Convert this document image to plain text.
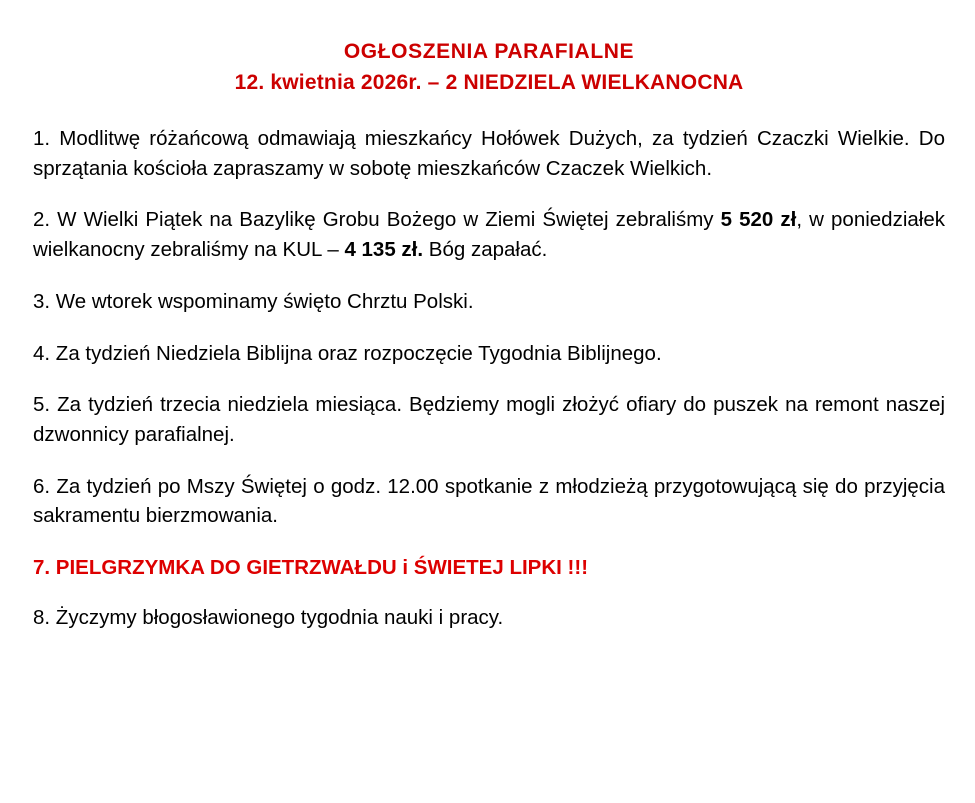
OGŁOSZENIA PARAFIALNE
12. kwietnia 2026r. – 2 NIEDZIELA WIELKANOCNA

1. Modlitwę różańcową odmawiają mieszkańcy Hołówek Dużych, za tydzień Czaczki Wielkie. Do sprzątania kościoła zapraszamy w sobotę mieszkańców Czaczek Wielkich.

2. W Wielki Piątek na Bazylikę Grobu Bożego w Ziemi Świętej zebraliśmy 5 520 zł, w poniedziałek wielkanocny zebraliśmy na KUL – 4 135 zł. Bóg zapałać.

3. We wtorek wspominamy święto Chrztu Polski.

4. Za tydzień Niedziela Biblijna oraz rozpoczęcie Tygodnia Biblijnego.

5. Za tydzień trzecia niedziela miesiąca. Będziemy mogli złożyć ofiary do puszek na remont naszej dzwonnicy parafialnej.

6. Za tydzień po Mszy Świętej o godz. 12.00 spotkanie z młodzieżą przygotowującą się do przyjęcia sakramentu bierzmowania.

7. PIELGRZYMKA DO GIETRZWAŁDU i ŚWIETEJ LIPKI !!!

8. Życzymy błogosławionego tygodnia nauki i pracy.
